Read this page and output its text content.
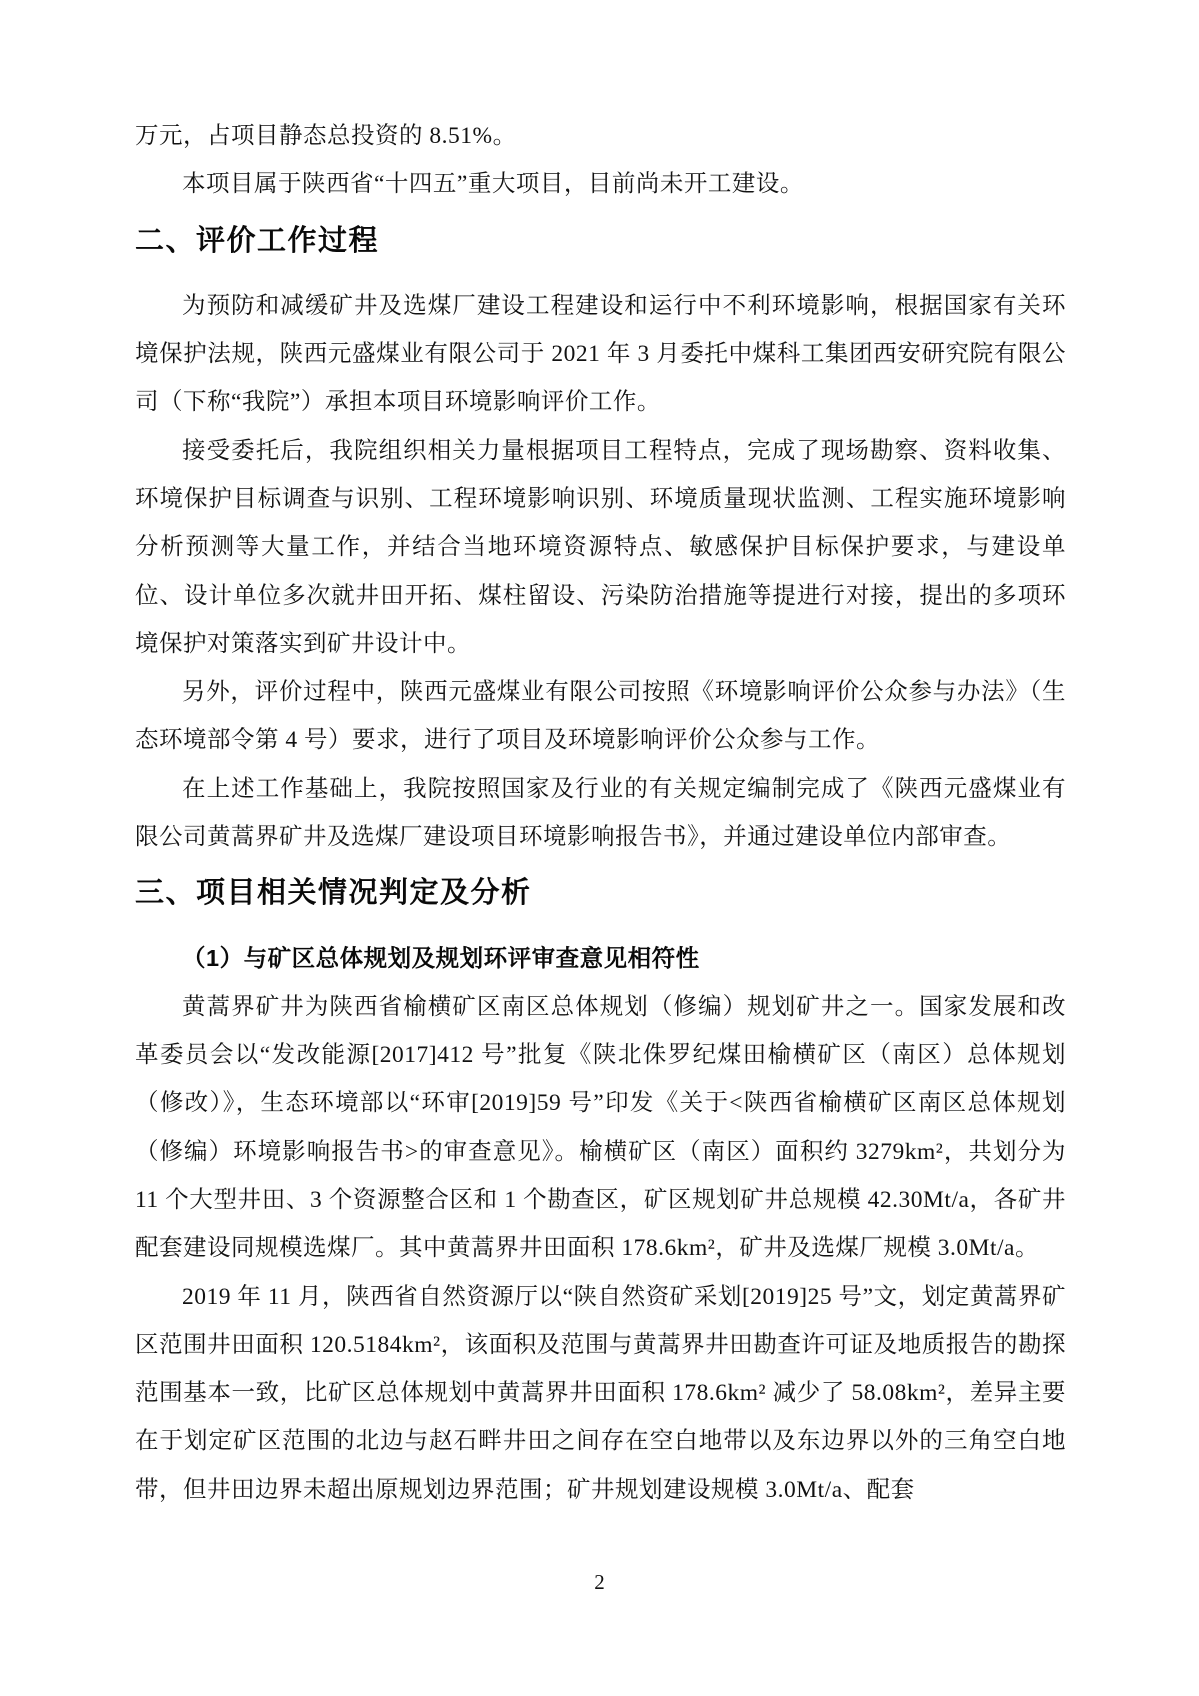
万元，占项目静态总投资的 8.51%。

本项目属于陕西省“十四五”重大项目，目前尚未开工建设。

二、评价工作过程

为预防和减缓矿井及选煤厂建设工程建设和运行中不利环境影响，根据国家有关环境保护法规，陕西元盛煤业有限公司于 2021 年 3 月委托中煤科工集团西安研究院有限公司（下称“我院”）承担本项目环境影响评价工作。

接受委托后，我院组织相关力量根据项目工程特点，完成了现场勘察、资料收集、环境保护目标调查与识别、工程环境影响识别、环境质量现状监测、工程实施环境影响分析预测等大量工作，并结合当地环境资源特点、敏感保护目标保护要求，与建设单位、设计单位多次就井田开拓、煤柱留设、污染防治措施等提进行对接，提出的多项环境保护对策落实到矿井设计中。

另外，评价过程中，陕西元盛煤业有限公司按照《环境影响评价公众参与办法》（生态环境部令第 4 号）要求，进行了项目及环境影响评价公众参与工作。

在上述工作基础上，我院按照国家及行业的有关规定编制完成了《陕西元盛煤业有限公司黄蒿界矿井及选煤厂建设项目环境影响报告书》，并通过建设单位内部审查。

三、项目相关情况判定及分析
（1）与矿区总体规划及规划环评审查意见相符性

黄蒿界矿井为陕西省榆横矿区南区总体规划（修编）规划矿井之一。国家发展和改革委员会以“发改能源[2017]412 号”批复《陕北侏罗纪煤田榆横矿区（南区）总体规划（修改）》，生态环境部以“环审[2019]59 号”印发《关于<陕西省榆横矿区南区总体规划（修编）环境影响报告书>的审查意见》。榆横矿区（南区）面积约 3279km²，共划分为 11 个大型井田、3 个资源整合区和 1 个勘查区，矿区规划矿井总规模 42.30Mt/a，各矿井配套建设同规模选煤厂。其中黄蒿界井田面积 178.6km²，矿井及选煤厂规模 3.0Mt/a。

2019 年 11 月，陕西省自然资源厅以“陕自然资矿采划[2019]25 号”文，划定黄蒿界矿区范围井田面积 120.5184km²，该面积及范围与黄蒿界井田勘查许可证及地质报告的勘探范围基本一致，比矿区总体规划中黄蒿界井田面积 178.6km² 减少了 58.08km²，差异主要在于划定矿区范围的北边与赵石畔井田之间存在空白地带以及东边界以外的三角空白地带，但井田边界未超出原规划边界范围；矿井规划建设规模 3.0Mt/a、配套

2
